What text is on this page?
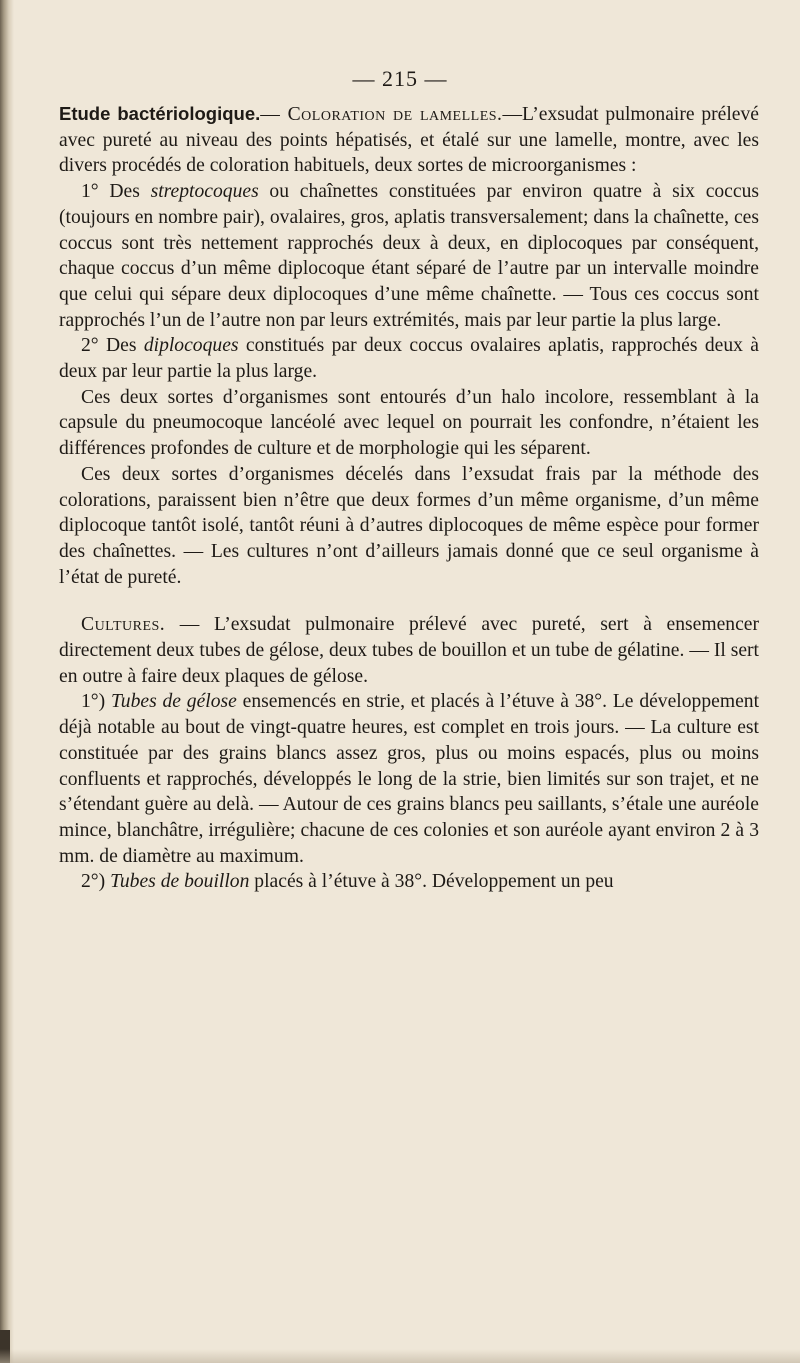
— 215 —

Etude bactériologique.— Coloration de lamelles.—L’exsudat pulmonaire prélevé avec pureté au niveau des points hépatisés, et étalé sur une lamelle, montre, avec les divers procédés de coloration habituels, deux sortes de microorganismes :

1° Des streptocoques ou chaînettes constituées par environ quatre à six coccus (toujours en nombre pair), ovalaires, gros, aplatis transversalement; dans la chaînette, ces coccus sont très nettement rapprochés deux à deux, en diplocoques par conséquent, chaque coccus d’un même diplocoque étant séparé de l’autre par un intervalle moindre que celui qui sépare deux diplocoques d’une même chaînette. — Tous ces coccus sont rapprochés l’un de l’autre non par leurs extrémités, mais par leur partie la plus large.

2° Des diplocoques constitués par deux coccus ovalaires aplatis, rapprochés deux à deux par leur partie la plus large.

Ces deux sortes d’organismes sont entourés d’un halo incolore, ressemblant à la capsule du pneumocoque lancéolé avec lequel on pourrait les confondre, n’étaient les différences profondes de culture et de morphologie qui les séparent.

Ces deux sortes d’organismes décelés dans l’exsudat frais par la méthode des colorations, paraissent bien n’être que deux formes d’un même organisme, d’un même diplocoque tantôt isolé, tantôt réuni à d’autres diplocoques de même espèce pour former des chaînettes. — Les cultures n’ont d’ailleurs jamais donné que ce seul organisme à l’état de pureté.

Cultures. — L’exsudat pulmonaire prélevé avec pureté, sert à ensemencer directement deux tubes de gélose, deux tubes de bouillon et un tube de gélatine. — Il sert en outre à faire deux plaques de gélose.

1°) Tubes de gélose ensemencés en strie, et placés à l’étuve à 38°. Le développement déjà notable au bout de vingt-quatre heures, est complet en trois jours. — La culture est constituée par des grains blancs assez gros, plus ou moins espacés, plus ou moins confluents et rapprochés, développés le long de la strie, bien limités sur son trajet, et ne s’étendant guère au delà. — Autour de ces grains blancs peu saillants, s’étale une auréole mince, blanchâtre, irrégulière; chacune de ces colonies et son auréole ayant environ 2 à 3 mm. de diamètre au maximum.

2°) Tubes de bouillon placés à l’étuve à 38°. Développement un peu
